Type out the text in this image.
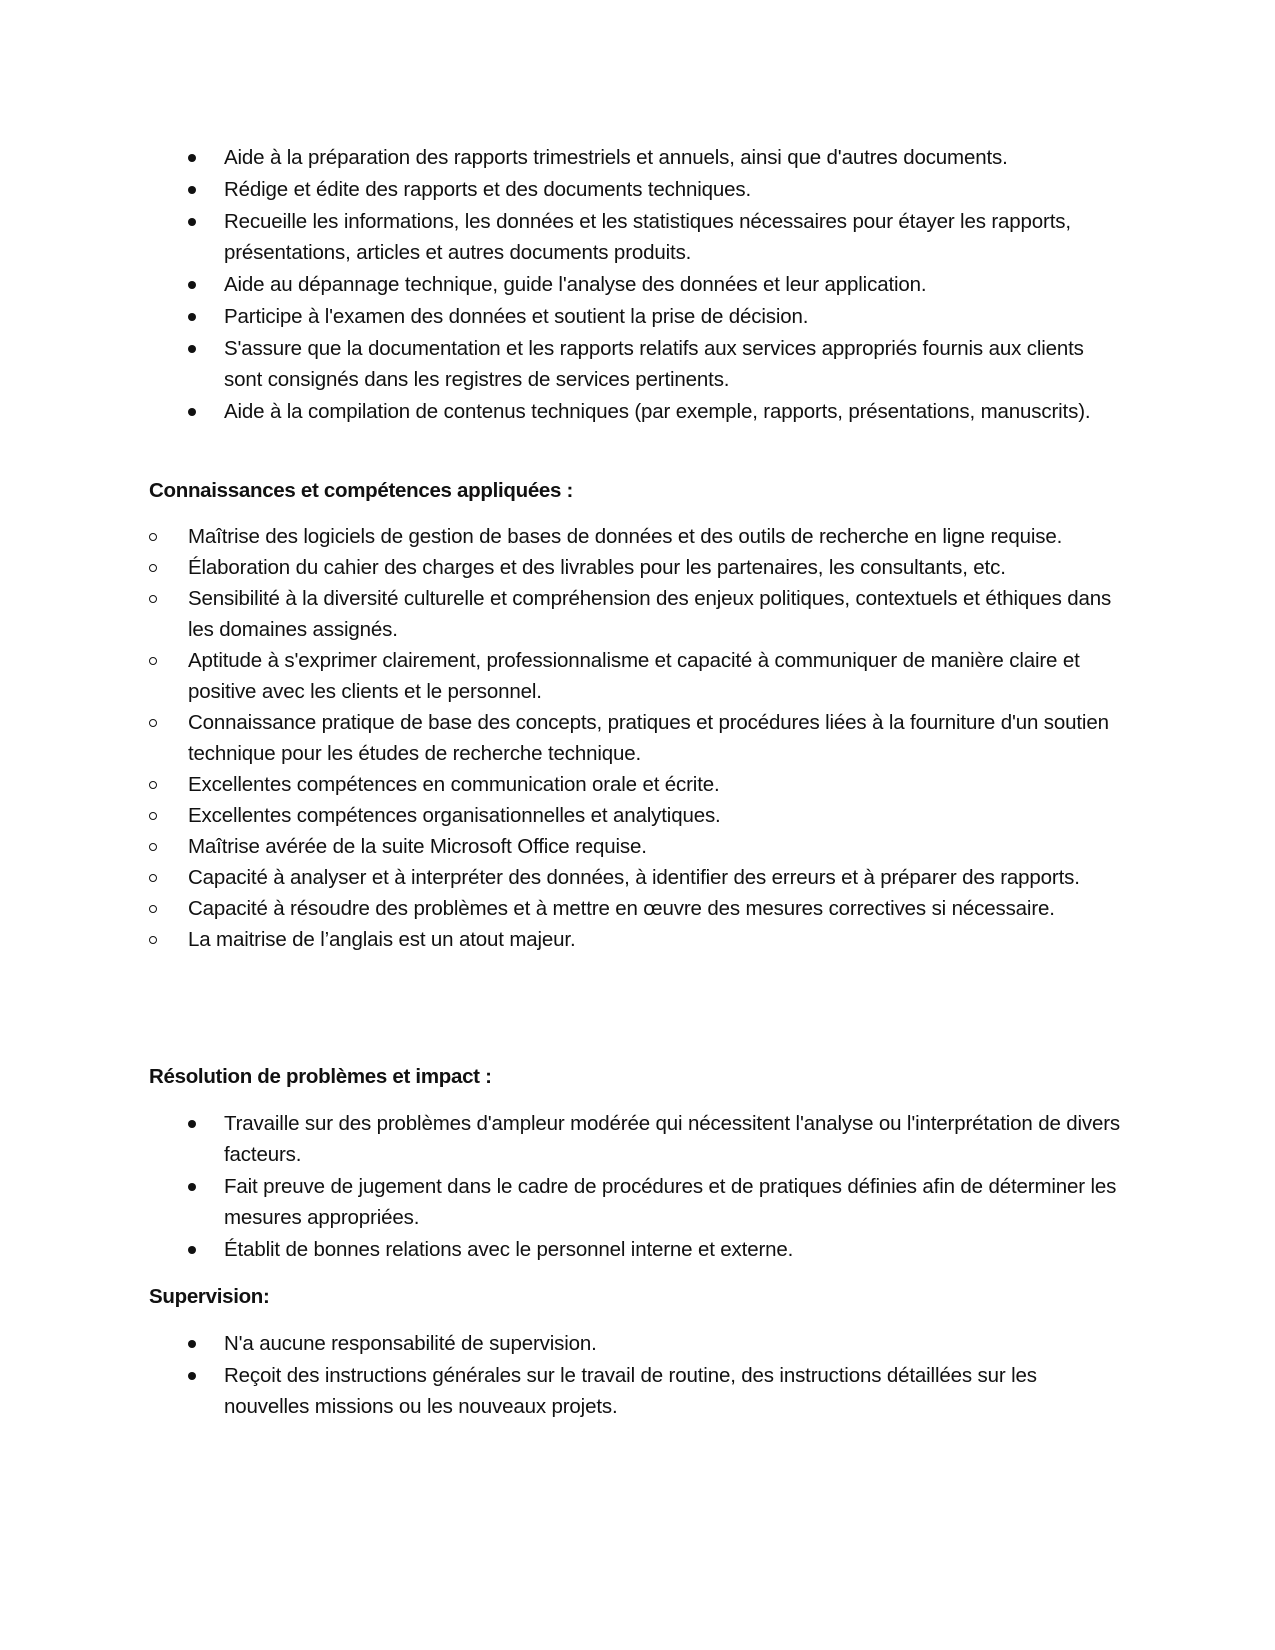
Aide à la préparation des rapports trimestriels et annuels, ainsi que d'autres documents.
Rédige et édite des rapports et des documents techniques.
Recueille les informations, les données et les statistiques nécessaires pour étayer les rapports, présentations, articles et autres documents produits.
Aide au dépannage technique, guide l'analyse des données et leur application.
Participe à l'examen des données et soutient la prise de décision.
S'assure que la documentation et les rapports relatifs aux services appropriés fournis aux clients sont consignés dans les registres de services pertinents.
Aide à la compilation de contenus techniques (par exemple, rapports, présentations, manuscrits).
Connaissances et compétences appliquées :
Maîtrise des logiciels de gestion de bases de données et des outils de recherche en ligne requise.
Élaboration du cahier des charges et des livrables pour les partenaires, les consultants, etc.
Sensibilité à la diversité culturelle et compréhension des enjeux politiques, contextuels et éthiques dans les domaines assignés.
Aptitude à s'exprimer clairement, professionnalisme et capacité à communiquer de manière claire et positive avec les clients et le personnel.
Connaissance pratique de base des concepts, pratiques et procédures liées à la fourniture d'un soutien technique pour les études de recherche technique.
Excellentes compétences en communication orale et écrite.
Excellentes compétences organisationnelles et analytiques.
Maîtrise avérée de la suite Microsoft Office requise.
Capacité à analyser et à interpréter des données, à identifier des erreurs et à préparer des rapports.
Capacité à résoudre des problèmes et à mettre en œuvre des mesures correctives si nécessaire.
La maitrise de l’anglais est un atout majeur.
Résolution de problèmes et impact :
Travaille sur des problèmes d'ampleur modérée qui nécessitent l'analyse ou l'interprétation de divers facteurs.
Fait preuve de jugement dans le cadre de procédures et de pratiques définies afin de déterminer les mesures appropriées.
Établit de bonnes relations avec le personnel interne et externe.
Supervision:
N'a aucune responsabilité de supervision.
Reçoit des instructions générales sur le travail de routine, des instructions détaillées sur les nouvelles missions ou les nouveaux projets.
